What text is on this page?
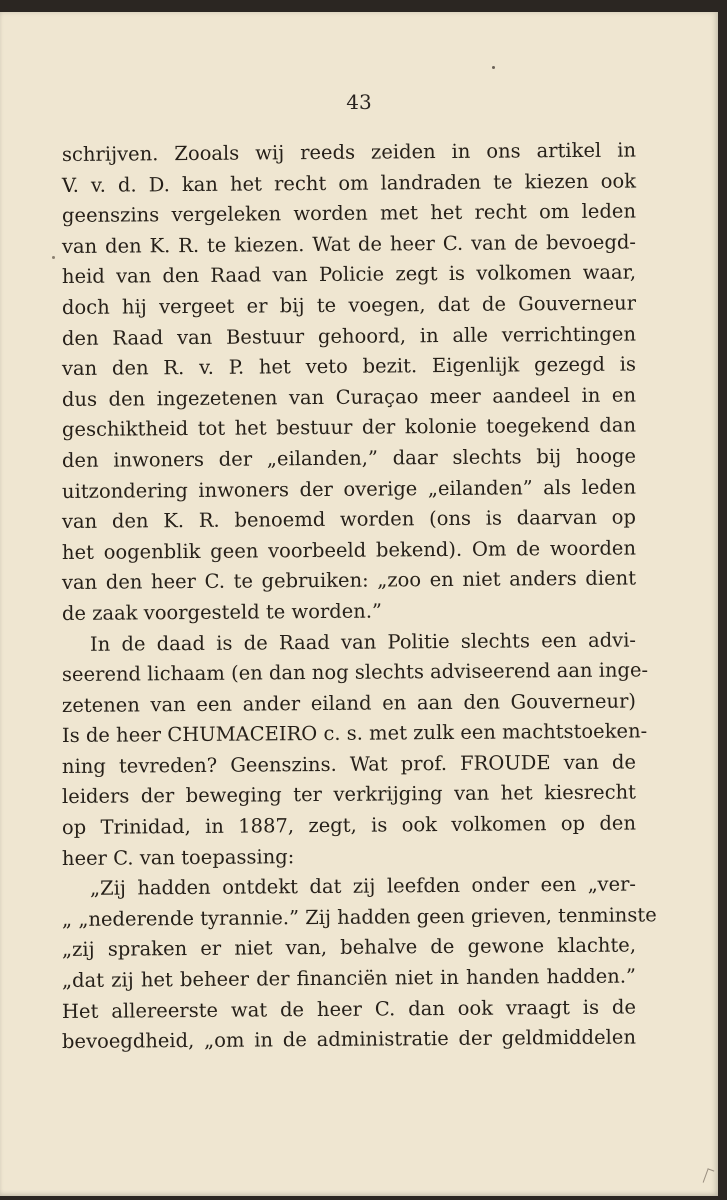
43
schrijven. Zooals wij reeds zeiden in ons artikel in
V. v. d. D. kan het recht om landraden te kiezen ook
geenszins vergeleken worden met het recht om leden
van den K. R. te kiezen. Wat de heer C. van de bevoegd-
heid van den Raad van Policie zegt is volkomen waar,
doch hij vergeet er bij te voegen, dat de Gouverneur
den Raad van Bestuur gehoord, in alle verrichtingen
van den R. v. P. het veto bezit. Eigenlijk gezegd is
dus den ingezetenen van Curaçao meer aandeel in en
geschiktheid tot het bestuur der kolonie toegekend dan
den inwoners der „eilanden,” daar slechts bij hooge
uitzondering inwoners der overige „eilanden” als leden
van den K. R. benoemd worden (ons is daarvan op
het oogenblik geen voorbeeld bekend). Om de woorden
van den heer C. te gebruiken: „zoo en niet anders dient
de zaak voorgesteld te worden.”
In de daad is de Raad van Politie slechts een advi-
seerend lichaam (en dan nog slechts adviseerend aan inge-
zetenen van een ander eiland en aan den Gouverneur)
Is de heer CHUMACEIRO c. s. met zulk een machtstoeken-
ning tevreden? Geenszins. Wat prof. FROUDE van de
leiders der beweging ter verkrijging van het kiesrecht
op Trinidad, in 1887, zegt, is ook volkomen op den
heer C. van toepassing:
„Zij hadden ontdekt dat zij leefden onder een „ver-
„ „nederende tyrannie.” Zij hadden geen grieven, tenminste
„zij spraken er niet van, behalve de gewone klachte,
„dat zij het beheer der financiën niet in handen hadden.”
Het allereerste wat de heer C. dan ook vraagt is de
bevoegdheid, „om in de administratie der geldmiddelen
